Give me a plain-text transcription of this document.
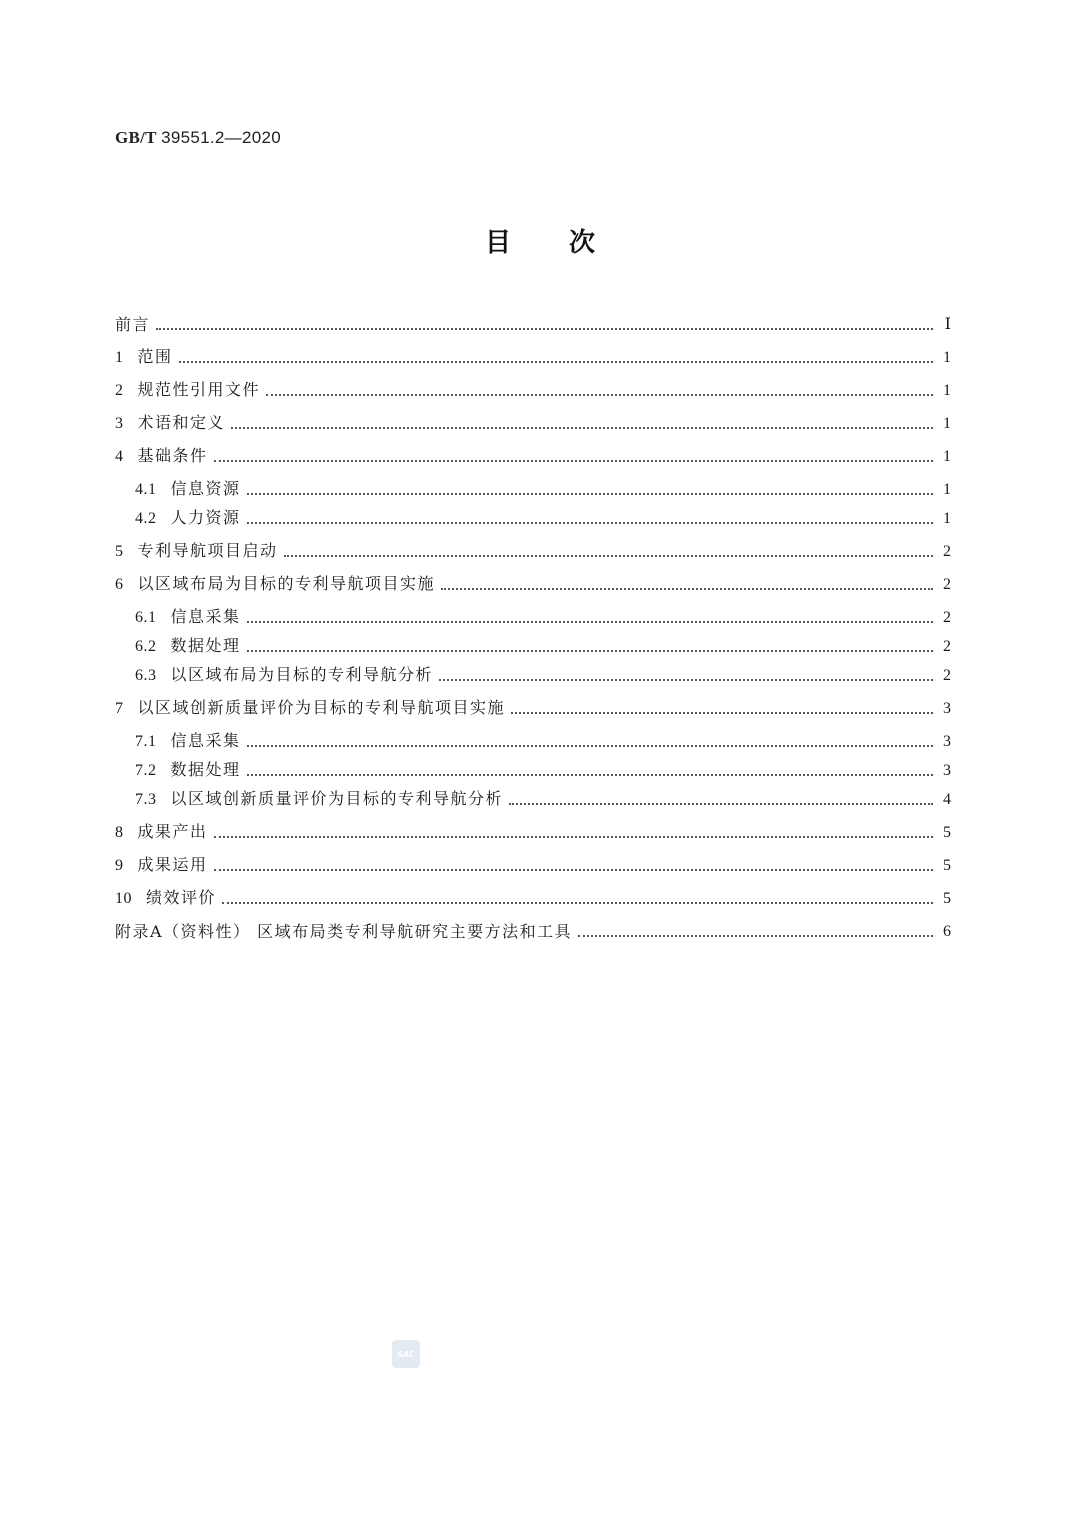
GB/T 39551.2—2020
目次
前言	Ⅰ
1 范围	1
2 规范性引用文件	1
3 术语和定义	1
4 基础条件	1
4.1 信息资源	1
4.2 人力资源	1
5 专利导航项目启动	2
6 以区域布局为目标的专利导航项目实施	2
6.1 信息采集	2
6.2 数据处理	2
6.3 以区域布局为目标的专利导航分析	2
7 以区域创新质量评价为目标的专利导航项目实施	3
7.1 信息采集	3
7.2 数据处理	3
7.3 以区域创新质量评价为目标的专利导航分析	4
8 成果产出	5
9 成果运用	5
10 绩效评价	5
附录A（资料性） 区域布局类专利导航研究主要方法和工具	6
SAC
